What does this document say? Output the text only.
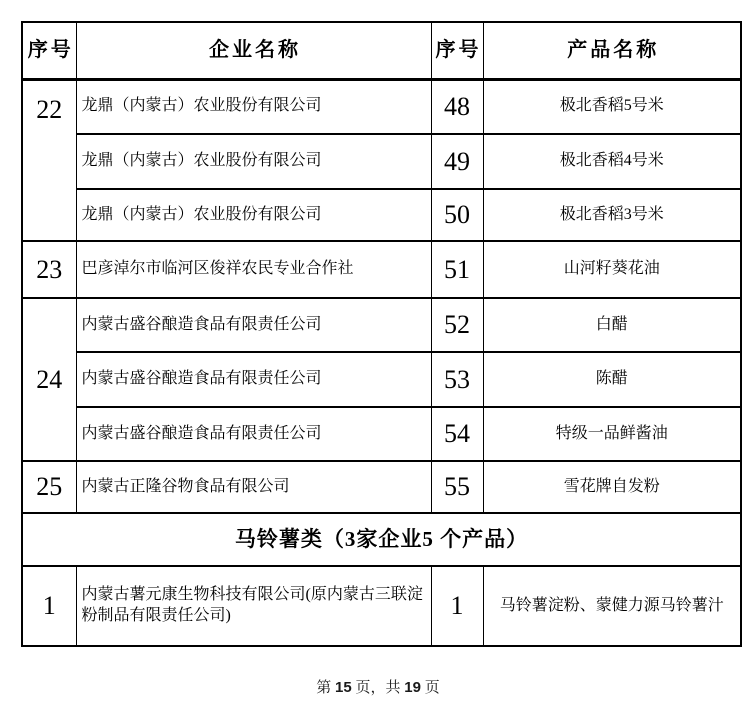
序号	企业名称	序号	产品名称
22	龙鼎（内蒙古）农业股份有限公司	48	极北香稻5号米
	龙鼎（内蒙古）农业股份有限公司	49	极北香稻4号米
	龙鼎（内蒙古）农业股份有限公司	50	极北香稻3号米
23	巴彦淖尔市临河区俊祥农民专业合作社	51	山河籽葵花油
24	内蒙古盛谷酿造食品有限责任公司	52	白醋
	内蒙古盛谷酿造食品有限责任公司	53	陈醋
	内蒙古盛谷酿造食品有限责任公司	54	特级一品鲜酱油
25	内蒙古正隆谷物食品有限公司	55	雪花牌自发粉
马铃薯类（3家企业5 个产品）			
1	内蒙古薯元康生物科技有限公司(原内蒙古三联淀粉制品有限责任公司)	1	马铃薯淀粉、蒙健力源马铃薯汁
第 15 页，共 19 页
